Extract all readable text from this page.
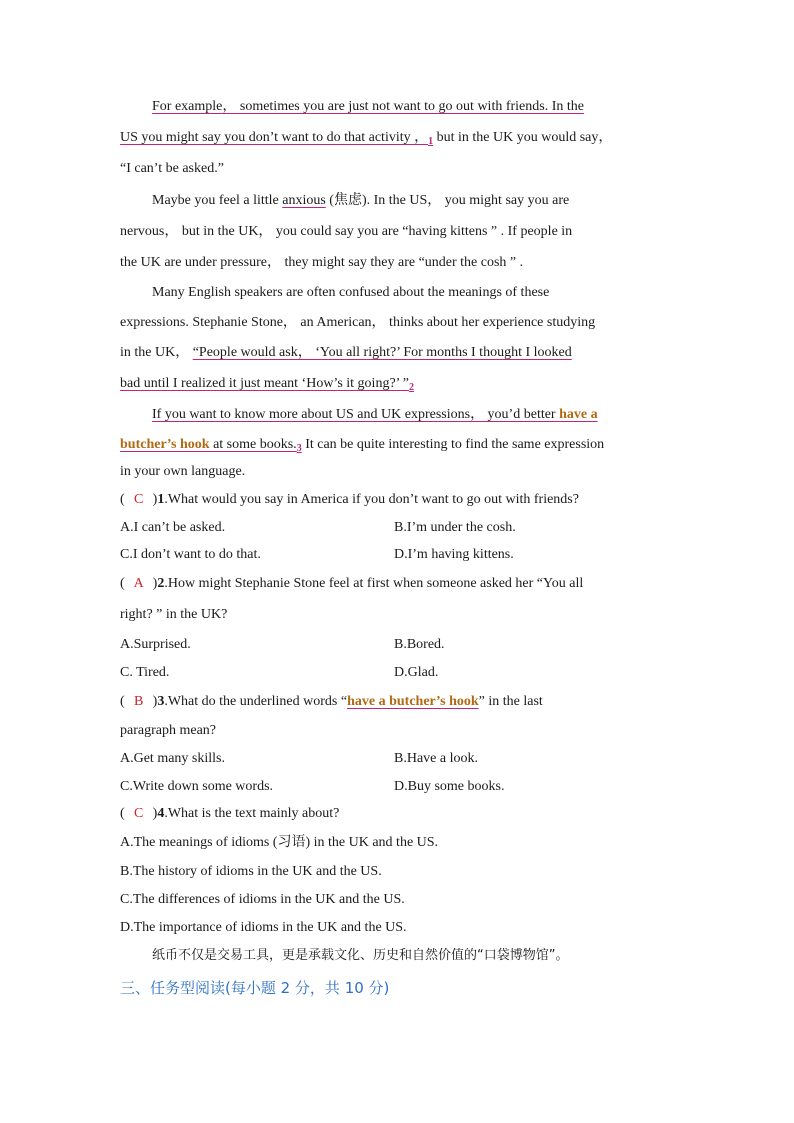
For example， sometimes you are just not want to go out with friends. In the
US you might say you don’t want to do that activity ，$_1$ but in the UK you would say，
“I can’t be asked.”
Maybe you feel a little anxious (焦虑). In the US， you might say you are
nervous， but in the UK， you could say you are “having kittens ” . If people in
the UK are under pressure， they might say they are “under the cosh ” .
Many English speakers are often confused about the meanings of these
expressions. Stephanie Stone， an American， thinks about her experience studying
in the UK， “People would ask， ‘You all right?’ For months I thought I looked
bad until I realized it just meant ‘How’s it going?’ $”_2$
If you want to know more about US and UK expressions， you’d better have a
butcher’s hook at some $books._3$ It can be quite interesting to find the same expression
in your own language.
( C )1.What would you say in America if you don’t want to go out with friends?
A.I can’t be asked.	B.I’m under the cosh.
C.I don’t want to do that.	D.I’m having kittens.
( A )2.How might Stephanie Stone feel at first when someone asked her “You all
right? ” in the UK?
A.Surprised.	B.Bored.
C. Tired.	D.Glad.
( B )3.What do the underlined words “have a butcher’s hook” in the last
paragraph mean?
A.Get many skills.	B.Have a look.
C.Write down some words.	D.Buy some books.
( C )4.What is the text mainly about?
A.The meanings of idioms (习语) in the UK and the US.
B.The history of idioms in the UK and the US.
C.The differences of idioms in the UK and the US.
D.The importance of idioms in the UK and the US.
纸币不仅是交易工具，更是承载文化、历史和自然价值的“口袋博物馆”。
三、任务型阅读(每小题 2 分，共 10 分)
